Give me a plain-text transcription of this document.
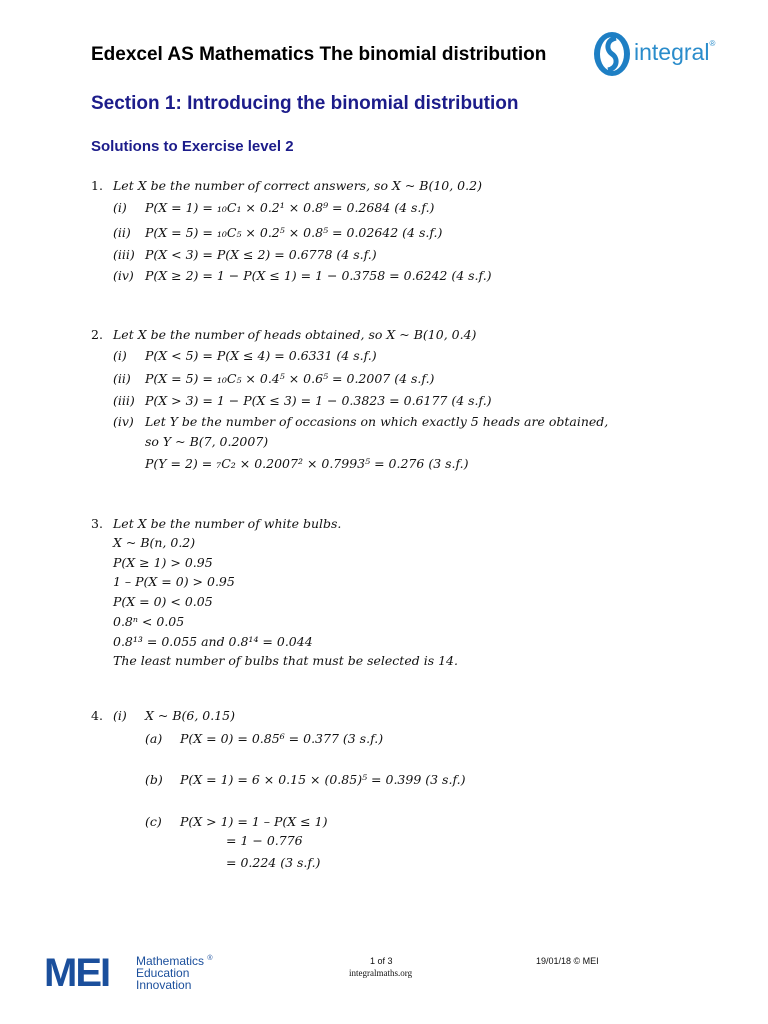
Edexcel AS Mathematics The binomial distribution	integral®
Section 1: Introducing the binomial distribution
Solutions to Exercise level 2
1. Let X be the number of correct answers, so X ~ B(10, 0.2)
(i) P(X = 1) = ₁₀C₁ × 0.2¹ × 0.8⁹ = 0.2684 (4 s.f.)
(ii) P(X = 5) = ₁₀C₅ × 0.2⁵ × 0.8⁵ = 0.02642 (4 s.f.)
(iii) P(X < 3) = P(X ≤ 2) = 0.6778 (4 s.f.)
(iv) P(X ≥ 2) = 1 − P(X ≤ 1) = 1 − 0.3758 = 0.6242 (4 s.f.)
2. Let X be the number of heads obtained, so X ~ B(10, 0.4)
(i) P(X < 5) = P(X ≤ 4) = 0.6331 (4 s.f.)
(ii) P(X = 5) = ₁₀C₅ × 0.4⁵ × 0.6⁵ = 0.2007 (4 s.f.)
(iii) P(X > 3) = 1 − P(X ≤ 3) = 1 − 0.3823 = 0.6177 (4 s.f.)
(iv) Let Y be the number of occasions on which exactly 5 heads are obtained,
so Y ~ B(7, 0.2007)
P(Y = 2) = ₇C₂ × 0.2007² × 0.7993⁵ = 0.276 (3 s.f.)
3. Let X be the number of white bulbs.
X ~ B(n, 0.2)
P(X ≥ 1) > 0.95
1 – P(X = 0) > 0.95
P(X = 0) < 0.05
0.8ⁿ < 0.05
0.8¹³ = 0.055 and 0.8¹⁴ = 0.044
The least number of bulbs that must be selected is 14.
4. (i) X ~ B(6, 0.15)
(a) P(X = 0) = 0.85⁶ = 0.377 (3 s.f.)
(b) P(X = 1) = 6 × 0.15 × (0.85)⁵ = 0.399 (3 s.f.)
(c) P(X > 1) = 1 – P(X ≤ 1)
= 1 − 0.776
= 0.224 (3 s.f.)
MEI Mathematics ®
Education
Innovation
1 of 3
integralmaths.org
19/01/18 © MEI
